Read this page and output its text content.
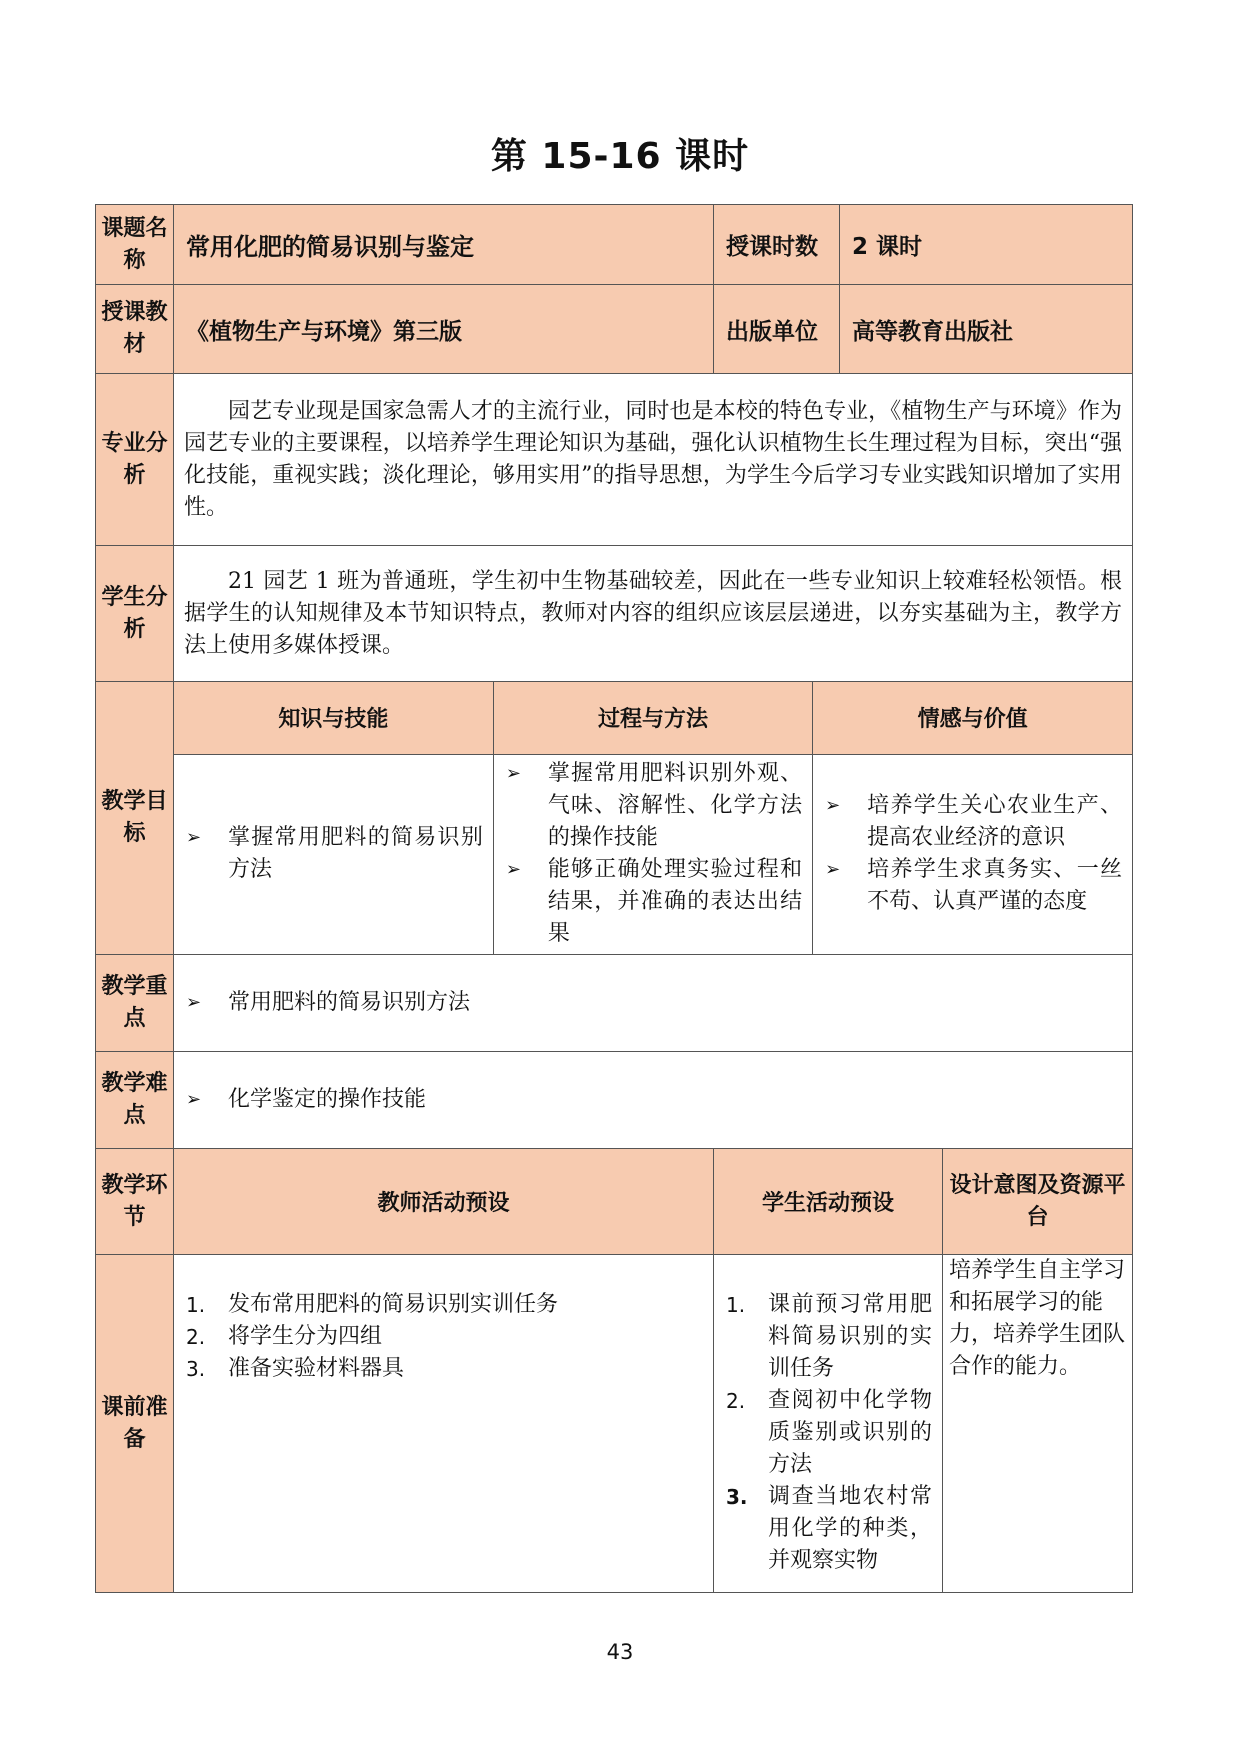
第 15-16 课时
课题名称	常用化肥的简易识别与鉴定	授课时数	2 课时
授课教材	《植物生产与环境》第三版	出版单位	高等教育出版社
专业分析	

园艺专业现是国家急需人才的主流行业，同时也是本校的特色专业，《植物生产与环境》作为园艺专业的主要课程，以培养学生理论知识为基础，强化认识植物生长生理过程为目标，突出“强化技能，重视实践；淡化理论，够用实用”的指导思想，为学生今后学习专业实践知识增加了实用性。

学生分析	

21 园艺 1 班为普通班，学生初中生物基础较差，因此在一些专业知识上较难轻松领悟。根据学生的认知规律及本节知识特点，教师对内容的组织应该层层递进，以夯实基础为主，教学方法上使用多媒体授课。

教学目标	
知识与技能	过程与方法	情感与价值

➢ 掌握常用肥料的简易识别方法

➢ 掌握常用肥料识别外观、气味、溶解性、化学方法的操作技能
➢ 能够正确处理实验过程和结果，并准确的表达出结果

➢ 培养学生关心农业生产、提高农业经济的意识
➢ 培养学生求真务实、一丝不苟、认真严谨的态度

教学重点	
➢ 常用肥料的简易识别方法

教学难点	
➢ 化学鉴定的操作技能

教学环节	教师活动预设	学生活动预设	设计意图及资源平台
课前准备	
1. 发布常用肥料的简易识别实训任务
2. 将学生分为四组
3. 准备实验材料器具

1. 课前预习常用肥料简易识别的实训任务
2. 查阅初中化学物质鉴别或识别的方法
3. 调查当地农村常用化学的种类，并观察实物
	培养学生自主学习和拓展学习的能力，培养学生团队合作的能力。
43
